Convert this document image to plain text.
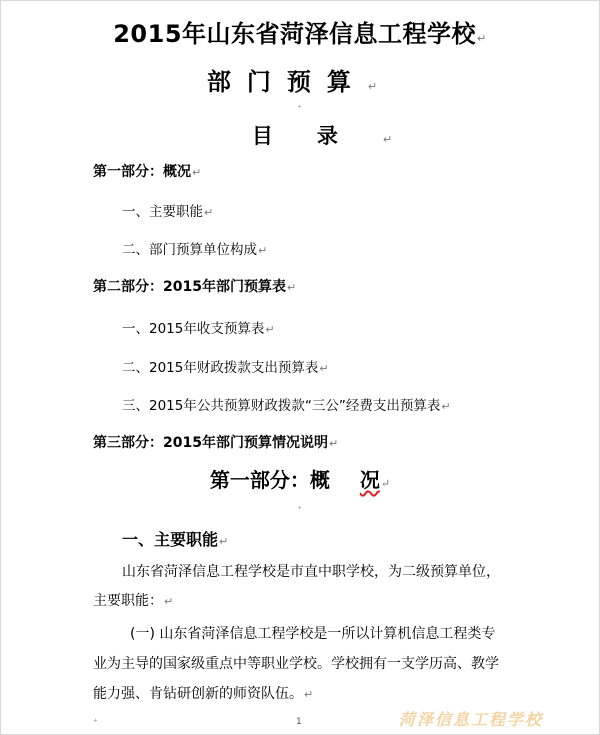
2015年山东省菏泽信息工程学校↵
部门预算↵
⁺
目录↵
第一部分：概况↵
一、主要职能↵
二、部门预算单位构成↵
第二部分：2015年部门预算表↵
一、2015年收支预算表↵
二、2015年财政拨款支出预算表↵
三、2015年公共预算财政拨款“三公”经费支出预算表↵
第三部分：2015年部门预算情况说明↵
第一部分：概 况↵
⁺
一、主要职能↵
山东省菏泽信息工程学校是市直中职学校，为二级预算单位，
主要职能：↵
(一) 山东省菏泽信息工程学校是一所以计算机信息工程类专
业为主导的国家级重点中等职业学校。学校拥有一支学历高、教学
能力强、肯钻研创新的师资队伍。↵
⁺	1	菏泽信息工程学校
